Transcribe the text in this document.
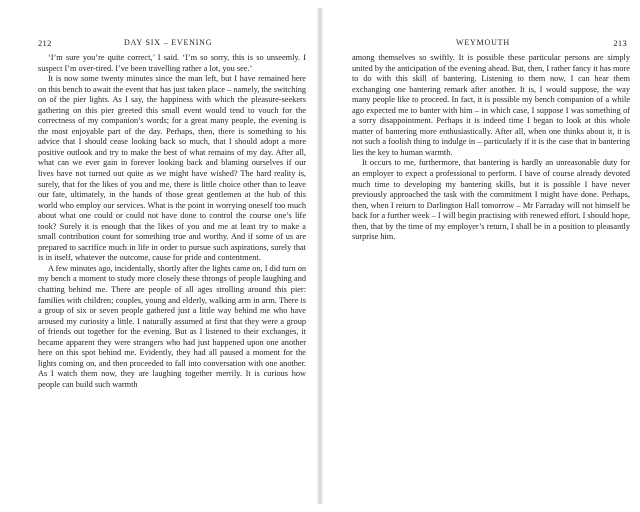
212	DAY SIX – EVENING

‘I’m sure you’re quite correct,’ I said. ‘I’m so sorry, this is so unseemly. I suspect I’m over-tired. I’ve been travelling rather a lot, you see.’

It is now some twenty minutes since the man left, but I have remained here on this bench to await the event that has just taken place – namely, the switching on of the pier lights. As I say, the happiness with which the pleasure-seekers gathering on this pier greeted this small event would tend to vouch for the correctness of my companion’s words; for a great many people, the evening is the most enjoyable part of the day. Perhaps, then, there is something to his advice that I should cease looking back so much, that I should adopt a more positive outlook and try to make the best of what remains of my day. After all, what can we ever gain in forever looking back and blaming ourselves if our lives have not turned out quite as we might have wished? The hard reality is, surely, that for the likes of you and me, there is little choice other than to leave our fate, ultimately, in the hands of those great gentlemen at the hub of this world who employ our services. What is the point in worrying oneself too much about what one could or could not have done to control the course one’s life took? Surely it is enough that the likes of you and me at least try to make a small contribution count for something true and worthy. And if some of us are prepared to sacrifice much in life in order to pursue such aspirations, surely that is in itself, whatever the outcome, cause for pride and contentment.

A few minutes ago, incidentally, shortly after the lights came on, I did turn on my bench a moment to study more closely these throngs of people laughing and chatting behind me. There are people of all ages strolling around this pier: families with children; couples, young and elderly, walking arm in arm. There is a group of six or seven people gathered just a little way behind me who have aroused my curiosity a little. I naturally assumed at first that they were a group of friends out together for the evening. But as I listened to their exchanges, it became apparent they were strangers who had just happened upon one another here on this spot behind me. Evidently, they had all paused a moment for the lights coming on, and then proceeded to fall into conversation with one another. As I watch them now, they are laughing together merrily. It is curious how people can build such warmth

WEYMOUTH	213

among themselves so swiftly. It is possible these particular persons are simply united by the anticipation of the evening ahead. But, then, I rather fancy it has more to do with this skill of bantering. Listening to them now, I can hear them exchanging one bantering remark after another. It is, I would suppose, the way many people like to proceed. In fact, it is possible my bench companion of a while ago expected me to banter with him – in which case, I suppose I was something of a sorry disappointment. Perhaps it is indeed time I began to look at this whole matter of bantering more enthusiastically. After all, when one thinks about it, it is not such a foolish thing to indulge in – particularly if it is the case that in bantering lies the key to human warmth.

It occurs to me, furthermore, that bantering is hardly an unreasonable duty for an employer to expect a professional to perform. I have of course already devoted much time to developing my bantering skills, but it is possible I have never previously approached the task with the commitment I might have done. Perhaps, then, when I return to Darlington Hall tomorrow – Mr Farraday will not himself be back for a further week – I will begin practising with renewed effort. I should hope, then, that by the time of my employer’s return, I shall be in a position to pleasantly surprise him.
